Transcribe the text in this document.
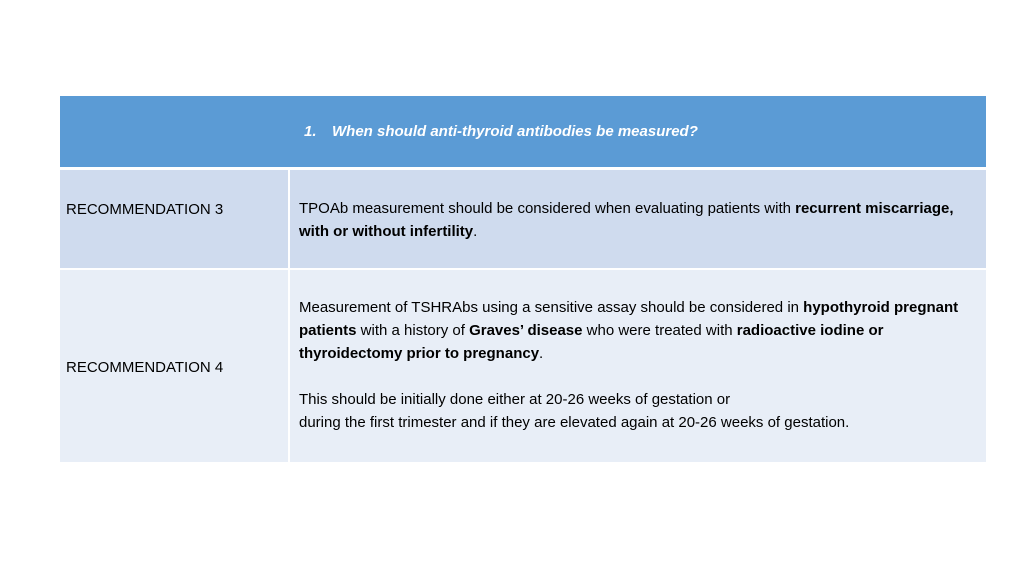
1. When should anti-thyroid antibodies be measured?
RECOMMENDATION 3	TPOAb measurement should be considered when evaluating patients with recurrent miscarriage, with or without infertility.
RECOMMENDATION 4
Measurement of TSHRAbs using a sensitive assay should be considered in hypothyroid pregnant patients with a history of Graves’ disease who were treated with radioactive iodine or thyroidectomy prior to pregnancy.
This should be initially done either at 20-26 weeks of gestation or
during the first trimester and if they are elevated again at 20-26 weeks of gestation.
